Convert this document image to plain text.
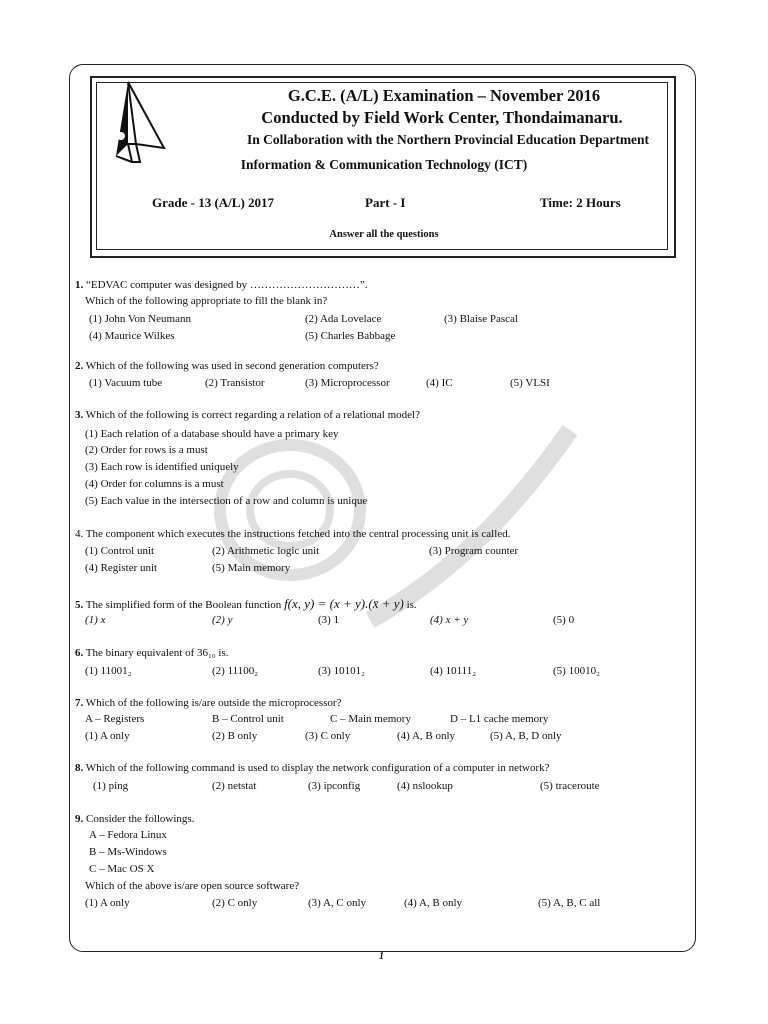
G.C.E. (A/L) Examination – November 2016
Conducted by Field Work Center, Thondaimanaru.
In Collaboration with the Northern Provincial Education Department
Information & Communication Technology (ICT)
Grade - 13 (A/L) 2017	Part - I	Time: 2 Hours
Answer all the questions
1. “EDVAC computer was designed by …………………………”.
Which of the following appropriate to fill the blank in?
(1) John Von Neumann	(2) Ada Lovelace	(3) Blaise Pascal
(4) Maurice Wilkes	(5) Charles Babbage
2. Which of the following was used in second generation computers?
(1) Vacuum tube	(2) Transistor	(3) Microprocessor	(4) IC	(5) VLSI
3. Which of the following is correct regarding a relation of a relational model?
(1) Each relation of a database should have a primary key
(2) Order for rows is a must
(3) Each row is identified uniquely
(4) Order for columns is a must
(5) Each value in the intersection of a row and column is unique
4. The component which executes the instructions fetched into the central processing unit is called.
(1) Control unit	(2) Arithmetic logic unit	(3) Program counter
(4) Register unit	(5) Main memory
5. The simplified form of the Boolean function f(x, y) = (x + y).(x̄ + y) is.
(1) x	(2) y	(3) 1	(4) x + y	(5) 0
6. The binary equivalent of 36₁₀ is.
(1) 11001₂	(2) 11100₂	(3) 10101₂	(4) 10111₂	(5) 10010₂
7. Which of the following is/are outside the microprocessor?
A – Registers	B – Control unit	C – Main memory	D – L1 cache memory
(1) A only	(2) B only	(3) C only	(4) A, B only	(5) A, B, D only
8. Which of the following command is used to display the network configuration of a computer in network?
(1) ping	(2) netstat	(3) ipconfig	(4) nslookup	(5) traceroute
9. Consider the followings.
A – Fedora Linux
B – Ms-Windows
C – Mac OS X
Which of the above is/are open source software?
(1) A only	(2) C only	(3) A, C only	(4) A, B only	(5) A, B, C all
1
